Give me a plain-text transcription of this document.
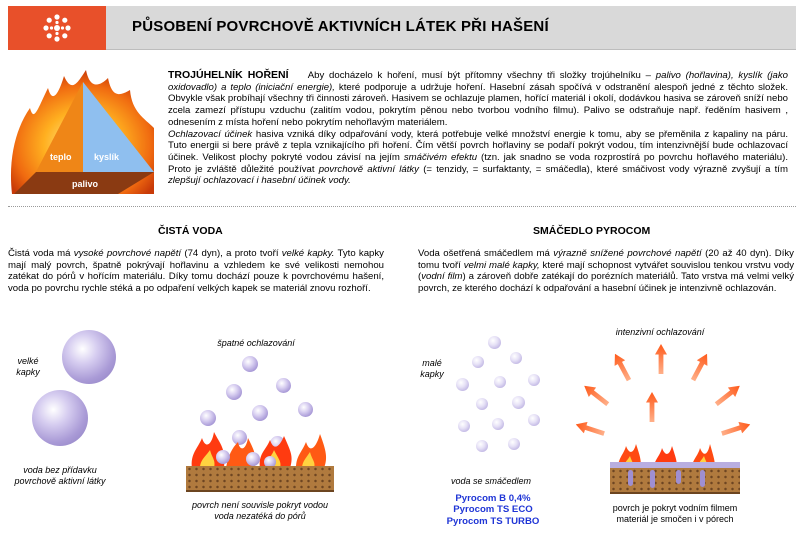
PŮSOBENÍ POVRCHOVĚ AKTIVNÍCH LÁTEK PŘI HAŠENÍ
teplo	kyslík
palivo
TROJÚHELNÍK HOŘENÍ Aby docházelo k hoření, musí být přítomny všechny tři složky trojúhelníku – palivo (hořlavina), kyslík (jako oxidovadlo) a teplo (iniciační energie), které podporuje a udržuje hoření. Hasební zásah spočívá v odstranění alespoň jedné z těchto složek. Obvykle však probíhají všechny tři činnosti zároveň. Hasivem se ochlazuje plamen, hořící materiál i okolí, dodávkou hasiva se zároveň sníží nebo zcela zamezí přístupu vzduchu (zalitím vodou, pokrytím pěnou nebo tvorbou vodního filmu). Palivo se odstraňuje např. ředěním hasivem , odnesením z místa hoření nebo pokrytím nehořlavým materiálem.
Ochlazovací účinek hasiva vzniká díky odpařování vody, která potřebuje velké množství energie k tomu, aby se přeměnila z kapaliny na páru. Tuto energii si bere právě z tepla vznikajícího při hoření. Čím větší povrch hořlaviny se podaří pokrýt vodou, tím intenzivnější bude ochlazovací účinek. Velikost plochy pokryté vodou závisí na jejím smáčivém efektu (tzn. jak snadno se voda rozprostírá po povrchu hořlavého materiálu). Proto je zvláště důležité používat povrchově aktivní látky (= tenzidy, = surfaktanty, = smáčedla), které smáčivost vody výrazně zvyšují a tím zlepšují ochlazovací i hasební účinek vody.
ČISTÁ VODA
Čistá voda má vysoké povrchové napětí (74 dyn), a proto tvoří velké kapky. Tyto kapky mají malý povrch, špatně pokrývají hořlavinu a vzhledem ke své velikosti nemohou zatékat do pórů v hořícím materiálu. Díky tomu dochází pouze k povrchovému hašení, voda po povrchu rychle stéká a po odpaření velkých kapek se materiál znovu rozhoří.
velké
kapky
voda bez přídavku
povrchově aktivní látky
špatné ochlazování
povrch není souvisle pokryt vodou
voda nezatéká do pórů
SMÁČEDLO PYROCOM
Voda ošetřená smáčedlem má výrazně snížené povrchové napětí (20 až 40 dyn). Díky tomu tvoří velmi malé kapky, které mají schopnost vytvářet souvislou tenkou vrstvu vody (vodní film) a zároveň dobře zatékají do porézních materiálů. Tato vrstva má velmi velký povrch, ze kterého dochází k odpařování a hasební účinek je intenzivně ochlazován.
malé
kapky
voda se smáčedlem
Pyrocom B 0,4%
Pyrocom TS ECO
Pyrocom TS TURBO
intenzivní ochlazování
povrch je pokryt vodním filmem
materiál je smočen i v pórech
